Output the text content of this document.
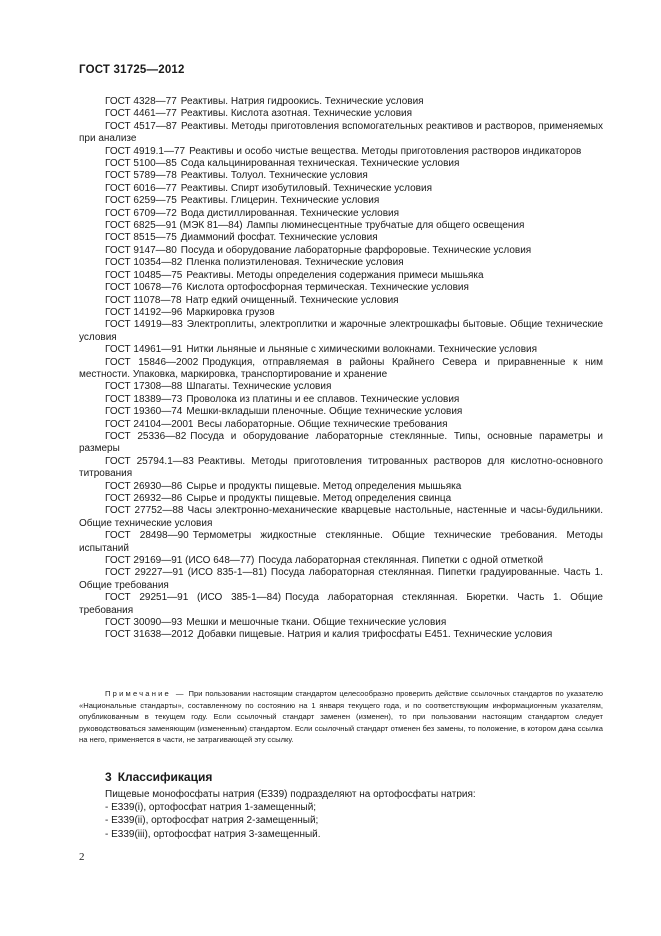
ГОСТ 31725—2012

ГОСТ 4328—77 Реактивы. Натрия гидроокись. Технические условия

ГОСТ 4461—77 Реактивы. Кислота азотная. Технические условия

ГОСТ 4517—87 Реактивы. Методы приготовления вспомогательных реактивов и растворов, применяемых при анализе

ГОСТ 4919.1—77 Реактивы и особо чистые вещества. Методы приготовления растворов индикаторов

ГОСТ 5100—85 Сода кальцинированная техническая. Технические условия

ГОСТ 5789—78 Реактивы. Толуол. Технические условия

ГОСТ 6016—77 Реактивы. Спирт изобутиловый. Технические условия

ГОСТ 6259—75 Реактивы. Глицерин. Технические условия

ГОСТ 6709—72 Вода дистиллированная. Технические условия

ГОСТ 6825—91 (МЭК 81—84) Лампы люминесцентные трубчатые для общего освещения

ГОСТ 8515—75 Диаммоний фосфат. Технические условия

ГОСТ 9147—80 Посуда и оборудование лабораторные фарфоровые. Технические условия

ГОСТ 10354—82 Пленка полиэтиленовая. Технические условия

ГОСТ 10485—75 Реактивы. Методы определения содержания примеси мышьяка

ГОСТ 10678—76 Кислота ортофосфорная термическая. Технические условия

ГОСТ 11078—78 Натр едкий очищенный. Технические условия

ГОСТ 14192—96 Маркировка грузов

ГОСТ 14919—83 Электроплиты, электроплитки и жарочные электрошкафы бытовые. Общие технические условия

ГОСТ 14961—91 Нитки льняные и льняные с химическими волокнами. Технические условия

ГОСТ 15846—2002 Продукция, отправляемая в районы Крайнего Севера и приравненные к ним местности. Упаковка, маркировка, транспортирование и хранение

ГОСТ 17308—88 Шпагаты. Технические условия

ГОСТ 18389—73 Проволока из платины и ее сплавов. Технические условия

ГОСТ 19360—74 Мешки-вкладыши пленочные. Общие технические условия

ГОСТ 24104—2001 Весы лабораторные. Общие технические требования

ГОСТ 25336—82 Посуда и оборудование лабораторные стеклянные. Типы, основные параметры и размеры

ГОСТ 25794.1—83 Реактивы. Методы приготовления титрованных растворов для кислотно-основного титрования

ГОСТ 26930—86 Сырье и продукты пищевые. Метод определения мышьяка

ГОСТ 26932—86 Сырье и продукты пищевые. Метод определения свинца

ГОСТ 27752—88 Часы электронно-механические кварцевые настольные, настенные и часы-будильники. Общие технические условия

ГОСТ 28498—90 Термометры жидкостные стеклянные. Общие технические требования. Методы испытаний

ГОСТ 29169—91 (ИСО 648—77) Посуда лабораторная стеклянная. Пипетки с одной отметкой

ГОСТ 29227—91 (ИСО 835-1—81) Посуда лабораторная стеклянная. Пипетки градуированные. Часть 1. Общие требования

ГОСТ 29251—91 (ИСО 385-1—84) Посуда лабораторная стеклянная. Бюретки. Часть 1. Общие требования

ГОСТ 30090—93 Мешки и мешочные ткани. Общие технические условия

ГОСТ 31638—2012 Добавки пищевые. Натрия и калия трифосфаты Е451. Технические условия

Примечание — При пользовании настоящим стандартом целесообразно проверить действие ссылочных стандартов по указателю «Национальные стандарты», составленному по состоянию на 1 января текущего года, и по соответствующим информационным указателям, опубликованным в текущем году. Если ссылочный стандарт заменен (изменен), то при пользовании настоящим стандартом следует руководствоваться заменяющим (измененным) стандартом. Если ссылочный стандарт отменен без замены, то положение, в котором дана ссылка на него, применяется в части, не затрагивающей эту ссылку.

3 Классификация

Пищевые монофосфаты натрия (Е339) подразделяют на ортофосфаты натрия:

- Е339(i), ортофосфат натрия 1-замещенный;

- Е339(ii), ортофосфат натрия 2-замещенный;

- Е339(iii), ортофосфат натрия 3-замещенный.

2
